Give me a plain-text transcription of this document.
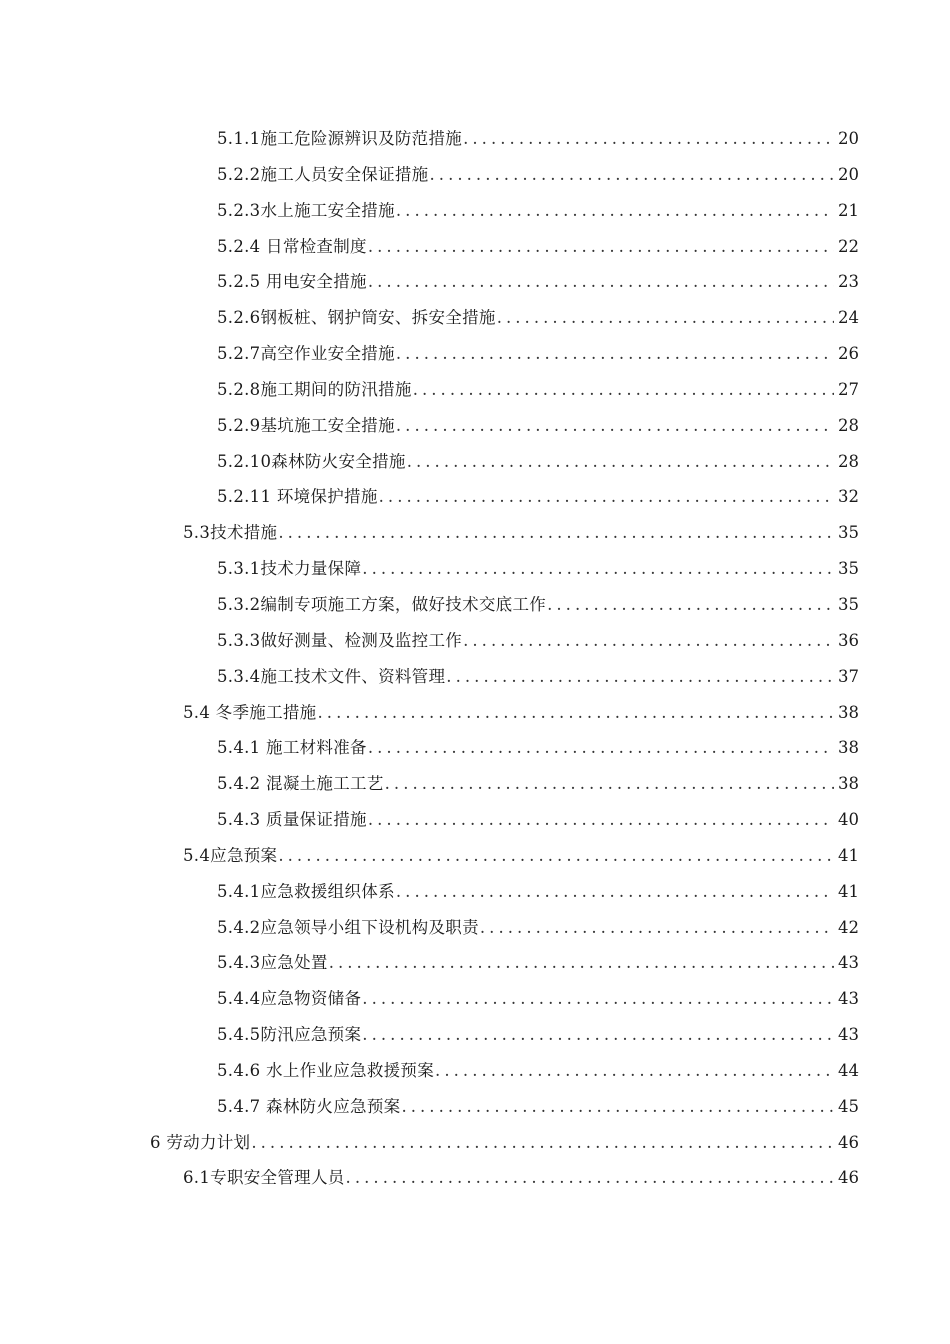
5.1.1施工危险源辨识及防范措施 . . .	20
5.2.2施工人员安全保证措施 . . .	20
5.2.3水上施工安全措施 . . .	21
5.2.4 日常检查制度 . . .	22
5.2.5 用电安全措施 . . .	23
5.2.6钢板桩、钢护筒安、拆安全措施 . . .	24
5.2.7高空作业安全措施 . . .	26
5.2.8施工期间的防汛措施 . . .	27
5.2.9基坑施工安全措施 . . .	28
5.2.10森林防火安全措施 . . .	28
5.2.11 环境保护措施 . . .	32
5.3技术措施 . . .	35
5.3.1技术力量保障 . . .	35
5.3.2编制专项施工方案，做好技术交底工作 . . .	35
5.3.3做好测量、检测及监控工作 . . .	36
5.3.4施工技术文件、资料管理 . . .	37
5.4 冬季施工措施 . . .	38
5.4.1 施工材料准备 . . .	38
5.4.2 混凝土施工工艺 . . .	38
5.4.3 质量保证措施 . . .	40
5.4应急预案 . . .	41
5.4.1应急救援组织体系 . . .	41
5.4.2应急领导小组下设机构及职责 . . .	42
5.4.3应急处置 . . .	43
5.4.4应急物资储备 . . .	43
5.4.5防汛应急预案 . . .	43
5.4.6 水上作业应急救援预案 . . .	44
5.4.7 森林防火应急预案 . . .	45
6 劳动力计划 . . .	46
6.1专职安全管理人员 . . .	46
